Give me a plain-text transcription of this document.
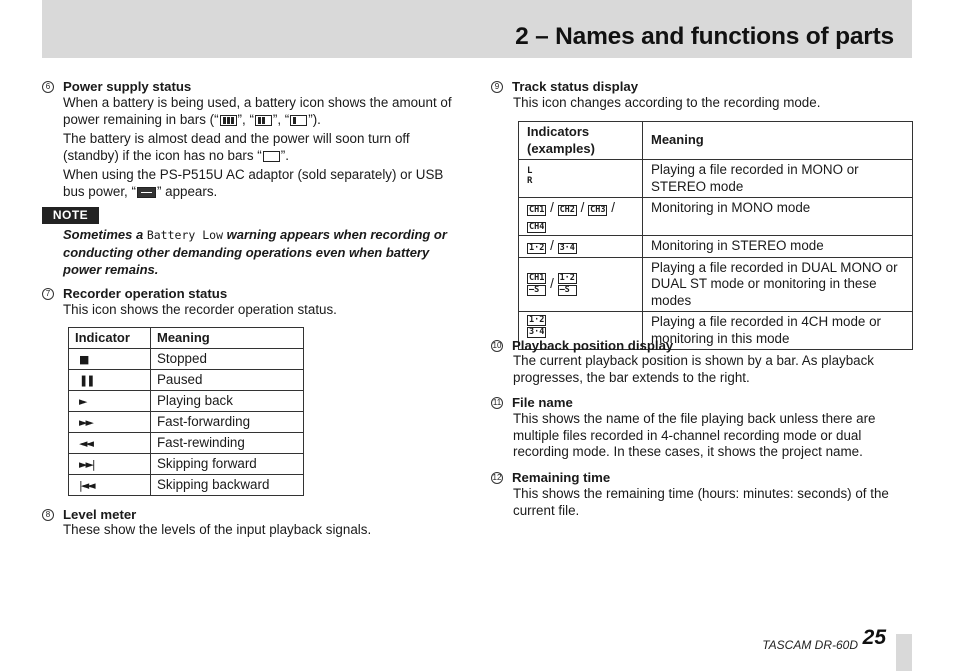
2 – Names and functions of parts
6 Power supply status
When a battery is being used, a battery icon shows the amount of power remaining in bars (“ ”, “ ”, “ ”).
The battery is almost dead and the power will soon turn off (standby) if the icon has no bars “ ”.
When using the PS-P515U AC adaptor (sold separately) or USB bus power, “ ” appears.
NOTE
Sometimes a Battery Low warning appears when recording or conducting other demanding operations even when battery power remains.
7 Recorder operation status
This icon shows the recorder operation status.
Indicator	Meaning
■	Stopped
❚❚	Paused
►	Playing back
►►	Fast-forwarding
◄◄	Fast-rewinding
►►|	Skipping forward
|◄◄	Skipping backward
8 Level meter
These show the levels of the input playback signals.
9 Track status display
This icon changes according to the recording mode.
Indicators (examples)	Meaning

L
R	Playing a file recorded in MONO or STEREO mode
CH1 / CH2 / CH3 / CH4	Monitoring in MONO mode
1·2 / 3·4	Monitoring in STEREO mode

$\frac{CH1}{-S} / \frac{1\cdot 2}{-S}$	Playing a file recorded in DUAL MONO or DUAL ST mode or monitoring in these modes

$\frac{1\cdot 2}{3\cdot 4}$	Playing a file recorded in 4CH mode or monitoring in this mode
10 Playback position display
The current playback position is shown by a bar. As playback progresses, the bar extends to the right.
11 File name
This shows the name of the file playing back unless there are multiple files recorded in 4-channel recording mode or dual recording mode. In these cases, it shows the project name.
12 Remaining time
This shows the remaining time (hours: minutes: seconds) of the current file.
TASCAM DR-60D 25
